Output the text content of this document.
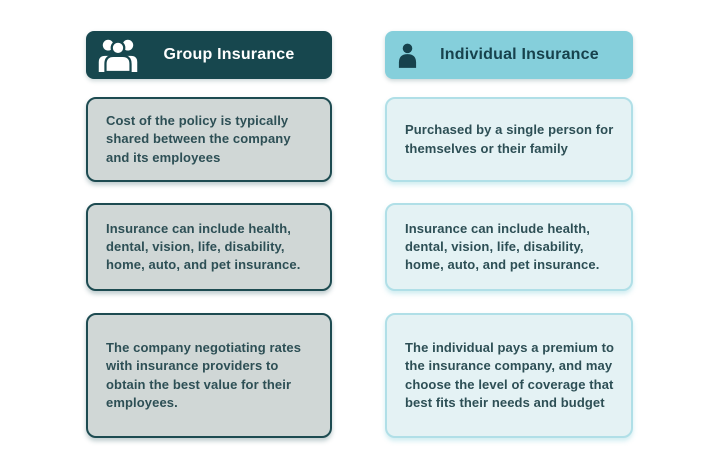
Group Insurance
Cost of the policy is typically shared between the company and its employees
Insurance can include health, dental, vision, life, disability, home, auto, and pet insurance.
The company negotiating rates with insurance providers to obtain the best value for their employees.
Individual Insurance
Purchased by a single person for themselves or their family
Insurance can include health, dental, vision, life, disability, home, auto, and pet insurance.
The individual pays a premium to the insurance company, and may choose the level of coverage that best fits their needs and budget
